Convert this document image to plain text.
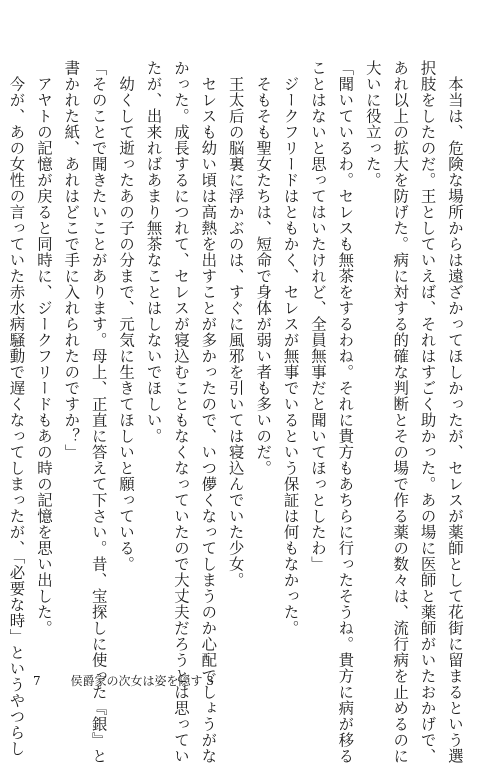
　本当は、危険な場所からは遠ざかってほしかったが、セレスが薬師として花街に留まるという選

択肢をしたのだ。王としていえば、それはすごく助かった。あの場に医師と薬師がいたおかげで、

あれ以上の拡大を防げた。病に対する的確な判断とその場で作る薬の数々は、流行病を止めるのに

大いに役立った。

「聞いているわ。セレスも無茶をするわね。それに貴方もあちらに行ったそうね。貴方に病が移る

ことはないと思ってはいたけれど、全員無事だと聞いてほっとしたわ」

　ジークフリードはともかく、セレスが無事でいるという保証は何もなかった。

　そもそも聖女たちは、短命で身体が弱い者も多いのだ。

　王太后の脳裏に浮かぶのは、すぐに風邪を引いては寝込んでいた少女。

　セレスも幼い頃は高熱を出すことが多かったので、いつ儚くなってしまうのか心配でしょうがな

かった。成長するにつれて、セレスが寝込むこともなくなっていたので大丈夫だろうとは思ってい

たが、出来ればあまり無茶なことはしないでほしい。

　幼くして逝ったあの子の分まで、元気に生きてほしいと願っている。

「そのことで聞きたいことがあります。母上、正直に答えて下さい。昔、宝探しに使った『銀』と

書かれた紙、あれはどこで手に入れられたのですか？」

　アヤトの記憶が戻ると同時に、ジークフリードもあの時の記憶を思い出した。

　今が、あの女性の言っていた赤水病騒動で遅くなってしまったが、「必要な時」というやつらし 7 侯爵家の次女は姿を隠す 3
